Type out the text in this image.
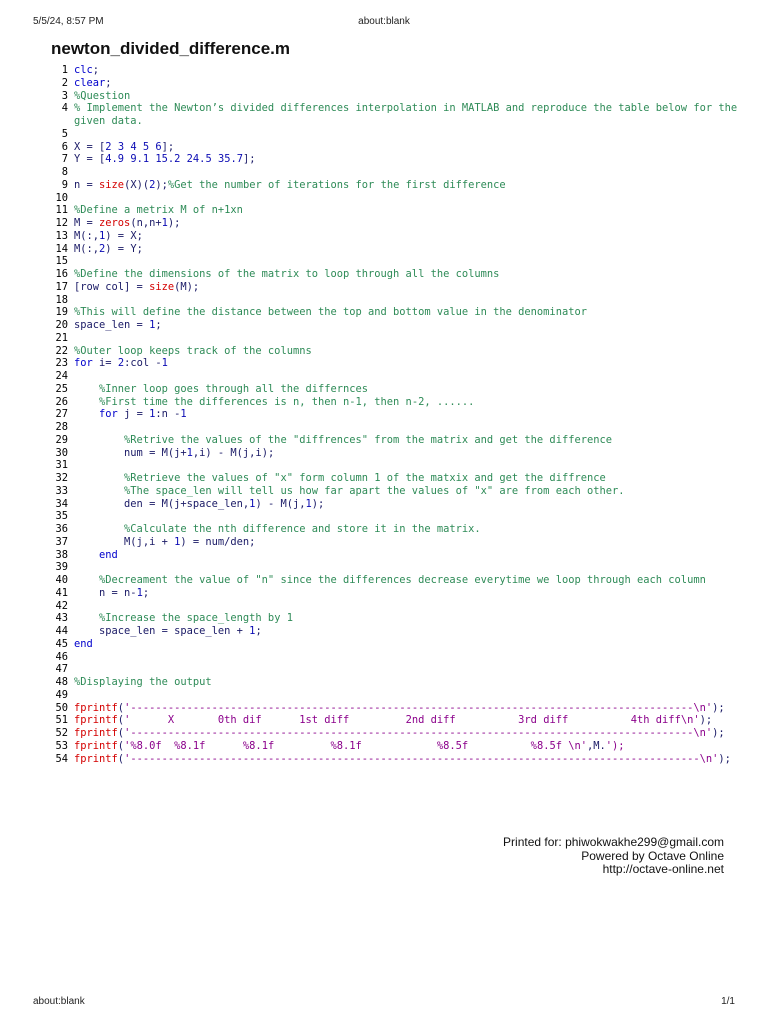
5/5/24, 8:57 PM	about:blank
newton_divided_difference.m
1 clc;
2 clear;
3 %Question
4 % Implement the Newton’s divided differences interpolation in MATLAB and reproduce the table below for the given data.
5
6 X = [2 3 4 5 6];
7 Y = [4.9 9.1 15.2 24.5 35.7];
8
9 n = size(X)(2);%Get the number of iterations for the first difference
10
11 %Define a metrix M of n+1xn
12 M = zeros(n,n+1);
13 M(:,1) = X;
14 M(:,2) = Y;
15
16 %Define the dimensions of the matrix to loop through all the columns
17 [row col] = size(M);
18
19 %This will define the distance between the top and bottom value in the denominator
20 space_len = 1;
21
22 %Outer loop keeps track of the columns
23 for i= 2:col -1
24
25	%Inner loop goes through all the differnces
26	%First time the differences is n, then n-1, then n-2, ......
27	for j = 1:n -1
28
29	%Retrive the values of the "diffrences" from the matrix and get the difference
30 num = M(j+1,i) - M(j,i);
31
32	%Retrieve the values of "x" form column 1 of the matxix and get the diffrence
33	%The space_len will tell us how far apart the values of "x" are from each other.
34 den = M(j+space_len,1) - M(j,1);
35
36	%Calculate the nth difference and store it in the matrix.
37 M(j,i + 1) = num/den;
38	end
39
40	%Decreament the value of "n" since the differences decrease everytime we loop through each column
41 n = n-1;
42
43	%Increase the space_length by 1
44 space_len = space_len + 1;
45 end
46
47
48 %Displaying the output
49
50 fprintf('------------------------------------------------------------------------------------------\n');
51 fprintf('      X       0th dif      1st diff         2nd diff          3rd diff          4th diff\n');
52 fprintf('------------------------------------------------------------------------------------------\n');
53 fprintf('%8.0f  %8.1f      %8.1f         %8.1f            %8.5f          %8.5f \n',M.');
54 fprintf('-------------------------------------------------------------------------------------------\n');
Printed for: phiwokwakhe299@gmail.com
Powered by Octave Online
http://octave-online.net
about:blank	1/1
